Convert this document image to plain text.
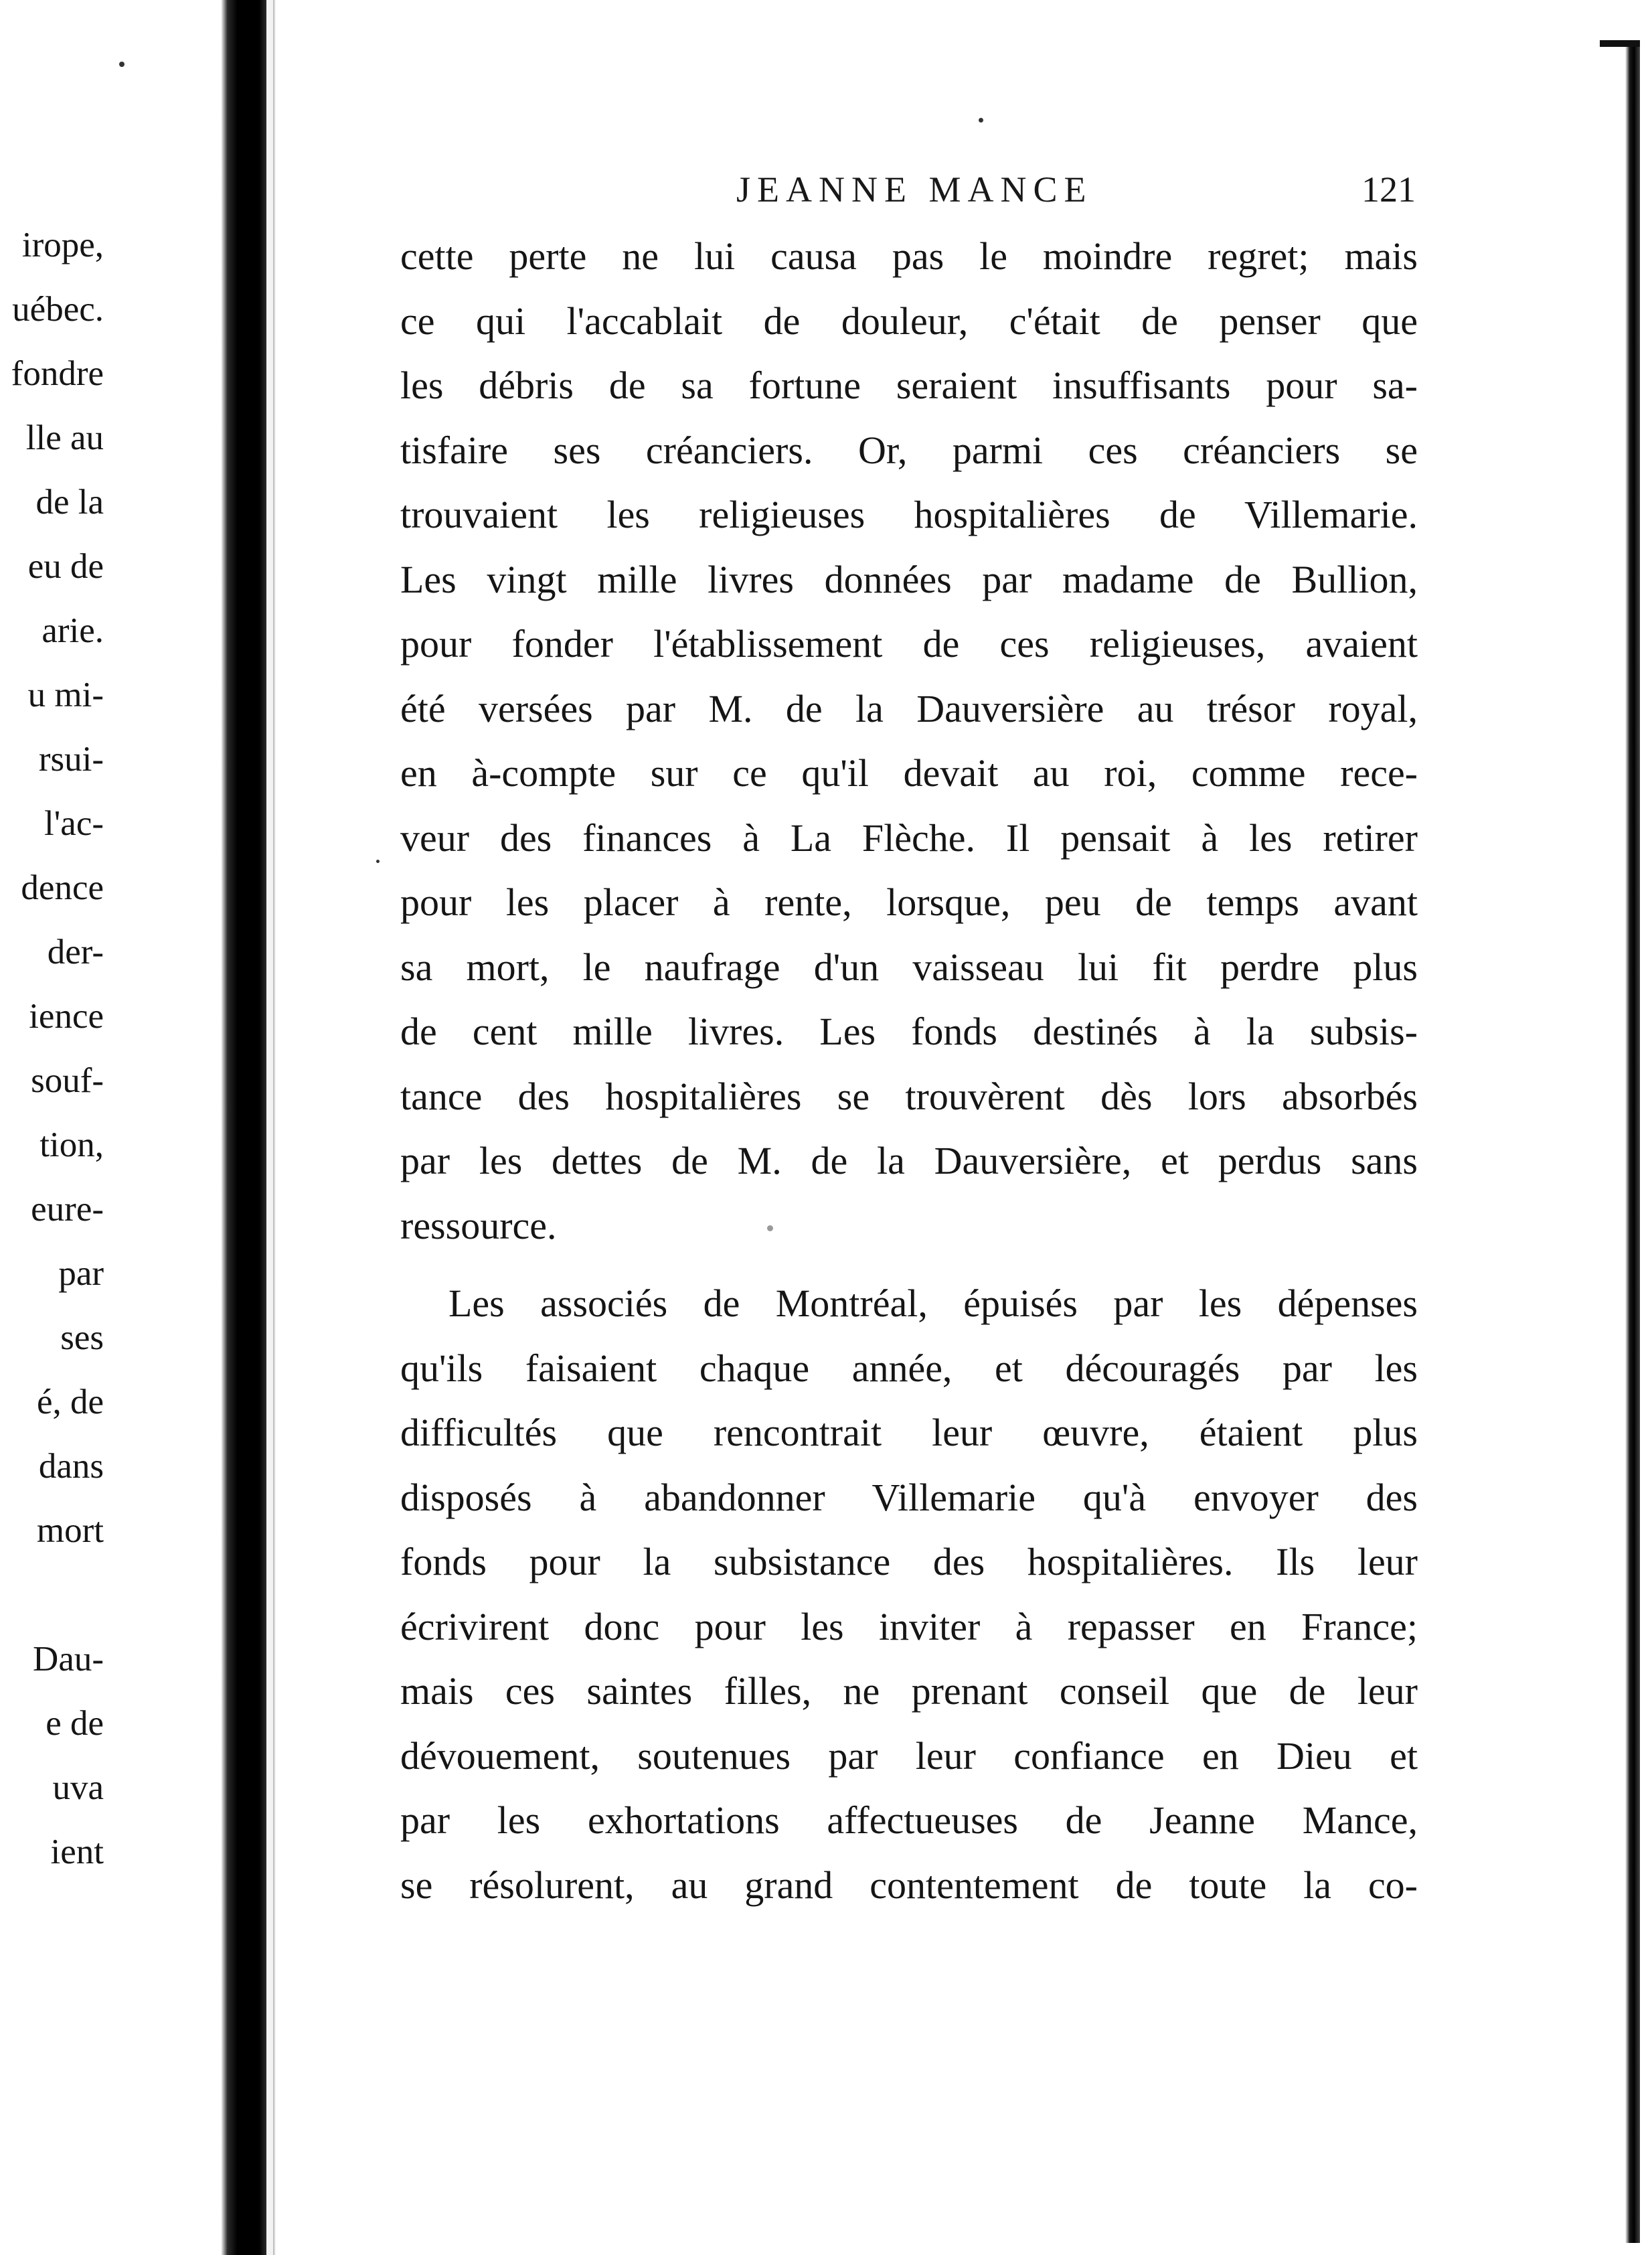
irope,
uébec.
fondre
lle au
de la
eu de
arie.
u mi-
rsui-
l'ac-
dence
der-
ience
souf-
tion,
eure-
par
ses
é, de
dans
mort
Dau-
e de
uva
ient
JEANNE MANCE	121
cette perte ne lui causa pas le moindre regret; mais
ce qui l'accablait de douleur, c'était de penser que
les débris de sa fortune seraient insuffisants pour sa-
tisfaire ses créanciers. Or, parmi ces créanciers se
trouvaient les religieuses hospitalières de Villemarie.
Les vingt mille livres données par madame de Bullion,
pour fonder l'établissement de ces religieuses, avaient
été versées par M. de la Dauversière au trésor royal,
en à-compte sur ce qu'il devait au roi, comme rece-
veur des finances à La Flèche. Il pensait à les retirer
pour les placer à rente, lorsque, peu de temps avant
sa mort, le naufrage d'un vaisseau lui fit perdre plus
de cent mille livres. Les fonds destinés à la subsis-
tance des hospitalières se trouvèrent dès lors absorbés
par les dettes de M. de la Dauversière, et perdus sans
ressource.
Les associés de Montréal, épuisés par les dépenses
qu'ils faisaient chaque année, et découragés par les
difficultés que rencontrait leur œuvre, étaient plus
disposés à abandonner Villemarie qu'à envoyer des
fonds pour la subsistance des hospitalières. Ils leur
écrivirent donc pour les inviter à repasser en France;
mais ces saintes filles, ne prenant conseil que de leur
dévouement, soutenues par leur confiance en Dieu et
par les exhortations affectueuses de Jeanne Mance,
se résolurent, au grand contentement de toute la co-
